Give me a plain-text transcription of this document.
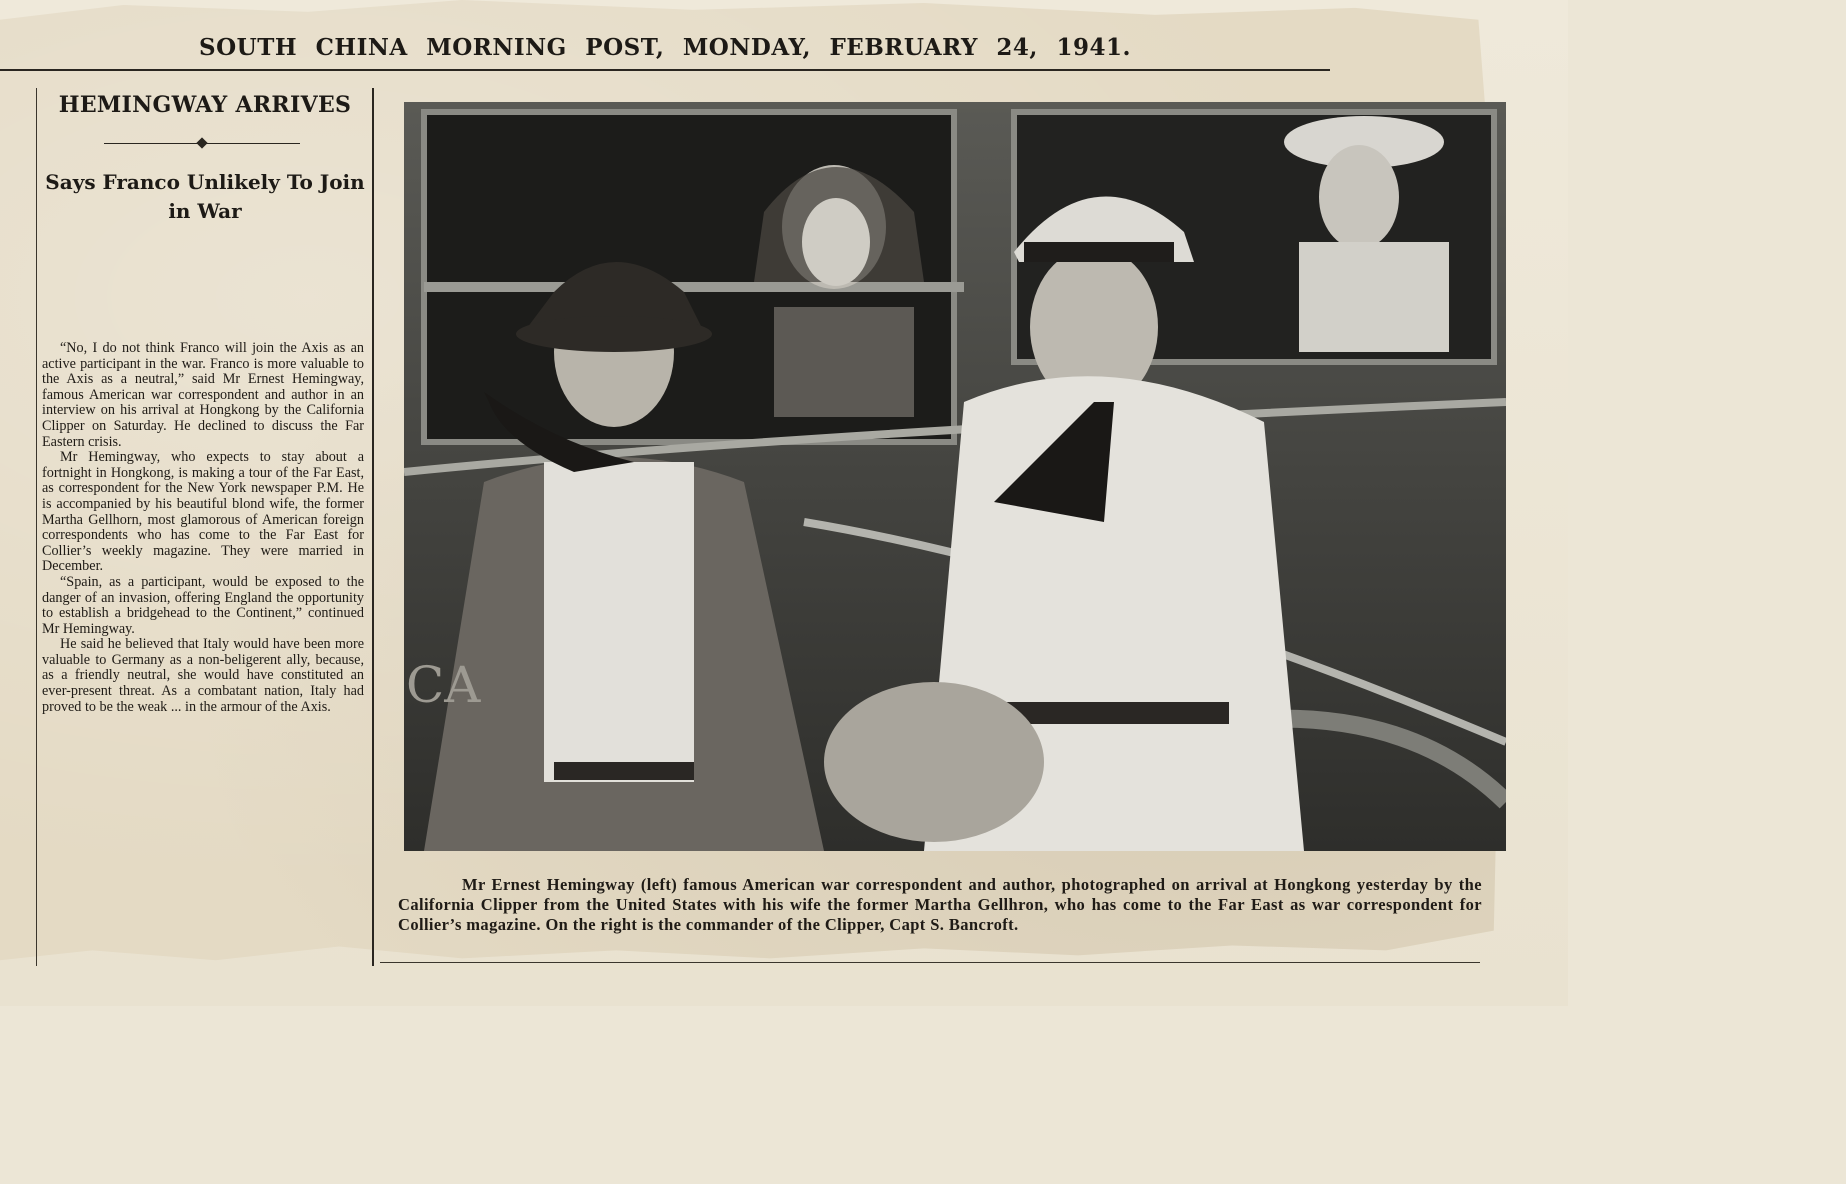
SOUTH CHINA MORNING POST, MONDAY, FEBRUARY 24, 1941.
HEMINGWAY ARRIVES
Says Franco Unlikely To Join in War

“No, I do not think Franco will join the Axis as an active participant in the war. Franco is more valuable to the Axis as a neutral,” said Mr Ernest Hemingway, famous American war correspondent and author in an interview on his arrival at Hongkong by the California Clipper on Saturday. He declined to discuss the Far Eastern crisis.

Mr Hemingway, who expects to stay about a fortnight in Hongkong, is making a tour of the Far East, as correspondent for the New York newspaper P.M. He is accompanied by his beautiful blond wife, the former Martha Gellhorn, most glamorous of American foreign correspondents who has come to the Far East for Collier’s weekly magazine. They were married in December.

“Spain, as a participant, would be exposed to the danger of an invasion, offering England the opportunity to establish a bridgehead to the Continent,” continued Mr Hemingway.

He said he believed that Italy would have been more valuable to Germany as a non-beligerent ally, because, as a friendly neutral, she would have constituted an ever-present threat. As a combatant nation, Italy had proved to be the weak ... in the armour of the Axis.	CA
Mr Ernest Hemingway (left) famous American war correspondent and author, photographed on arrival at Hongkong yesterday by the California Clipper from the United States with his wife the former Martha Gellhron, who has come to the Far East as war correspondent for Collier’s magazine. On the right is the commander of the Clipper, Capt S. Bancroft.
